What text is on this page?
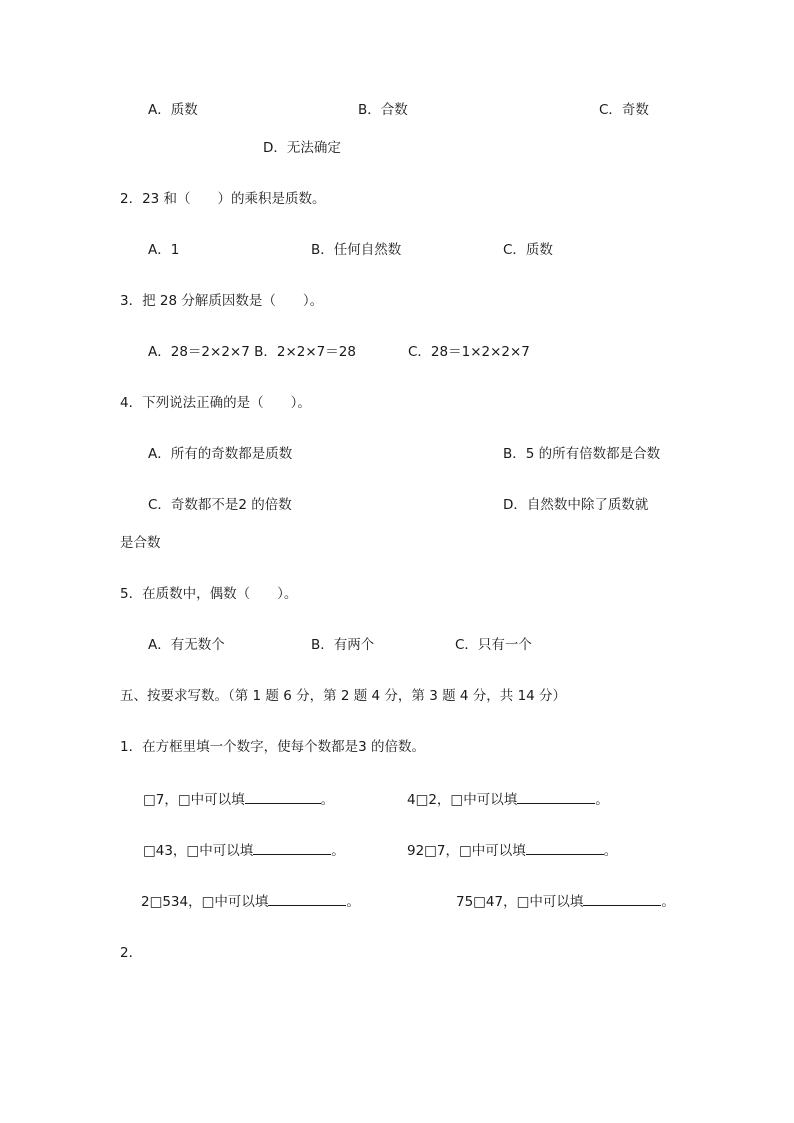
A．质数	B．合数	C．奇数
D．无法确定
2．23 和（　　）的乘积是质数。
A．1	B．任何自然数	C．质数
3．把 28 分解质因数是（　　）。
A．28＝2×2×7 B．2×2×7＝28	C．28＝1×2×2×7
4．下列说法正确的是（　　）。
A．所有的奇数都是质数	B．5 的所有倍数都是合数
C．奇数都不是2 的倍数	D．自然数中除了质数就
是合数
5．在质数中，偶数（　　）。
A．有无数个	B．有两个	C．只有一个
五、按要求写数。（第 1 题 6 分，第 2 题 4 分，第 3 题 4 分，共 14 分）
1．在方框里填一个数字，使每个数都是3 的倍数。
□7，□中可以填	。	4□2，□中可以填	。
□43，□中可以填	。	92□7，□中可以填	。
2□534，□中可以填	。	75□47，□中可以填	。
2．
